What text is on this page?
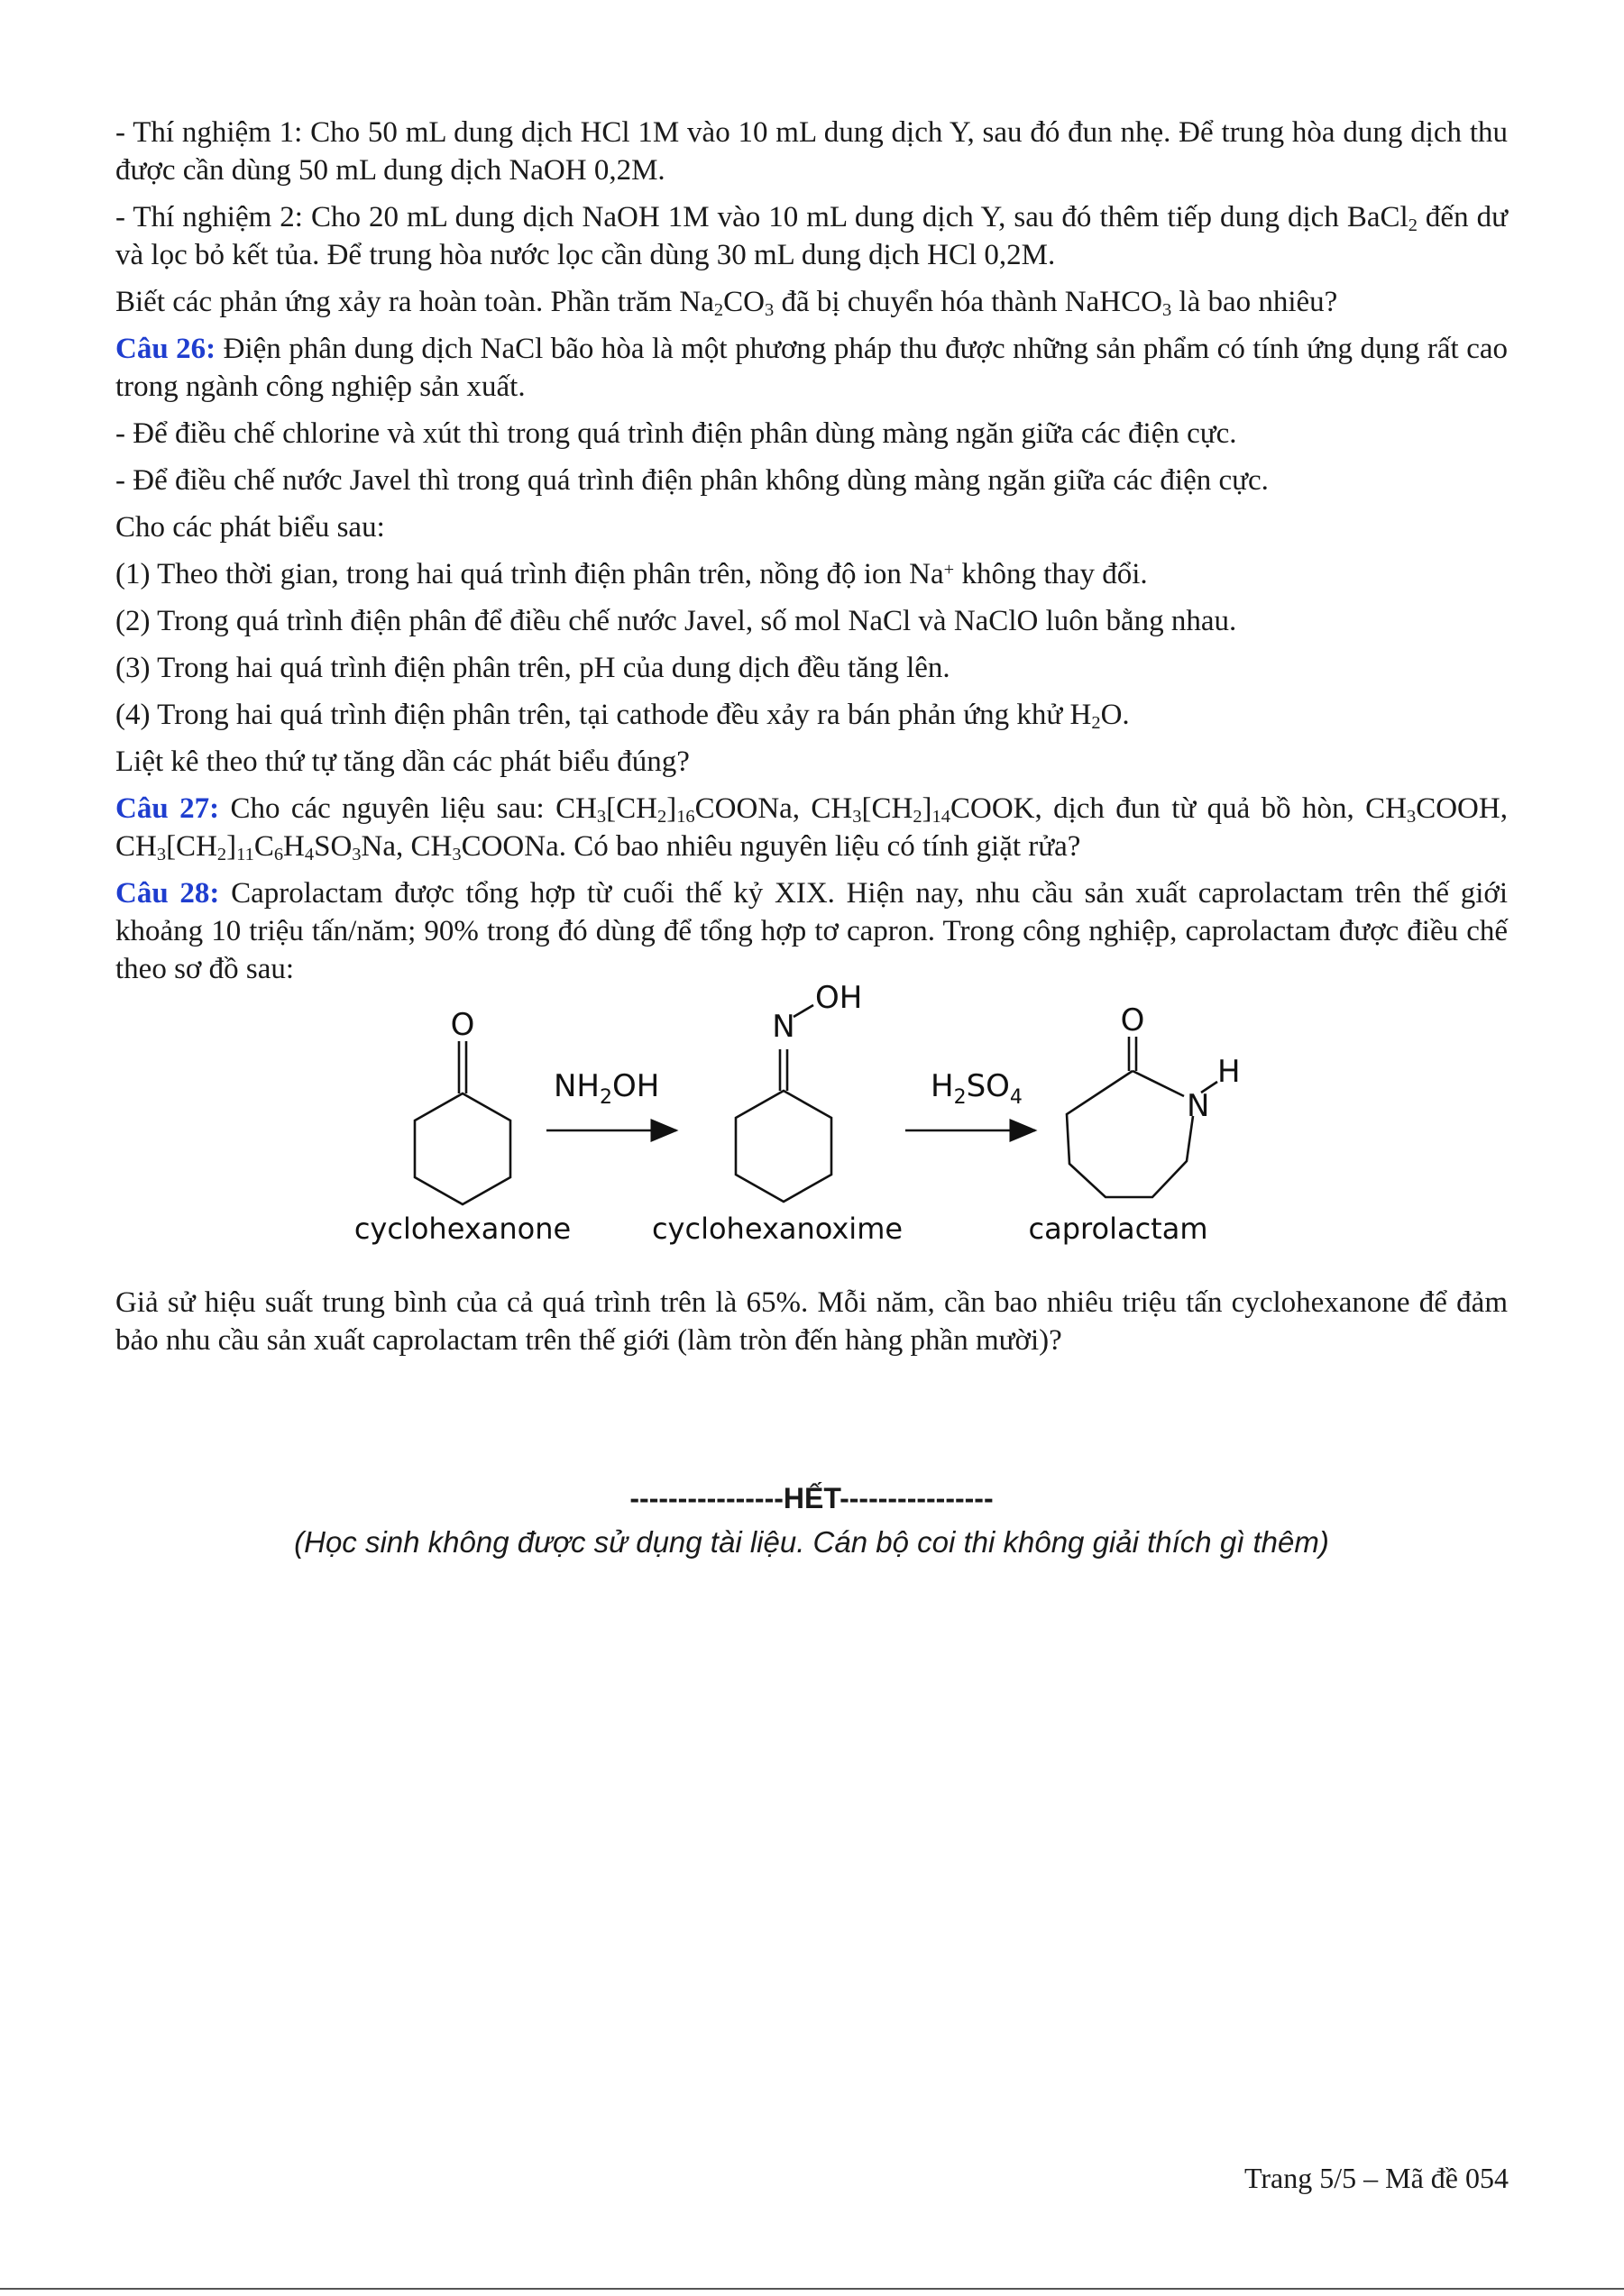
- Thí nghiệm 1: Cho 50 mL dung dịch HCl 1M vào 10 mL dung dịch Y, sau đó đun nhẹ. Để trung hòa dung dịch thu được cần dùng 50 mL dung dịch NaOH 0,2M.

- Thí nghiệm 2: Cho 20 mL dung dịch NaOH 1M vào 10 mL dung dịch Y, sau đó thêm tiếp dung dịch BaCl$_2$ đến dư và lọc bỏ kết tủa. Để trung hòa nước lọc cần dùng 30 mL dung dịch HCl 0,2M.

Biết các phản ứng xảy ra hoàn toàn. Phần trăm $Na_2CO_3$ đã bị chuyển hóa thành NaHCO$_3$ là bao nhiêu?

Câu 26: Điện phân dung dịch NaCl bão hòa là một phương pháp thu được những sản phẩm có tính ứng dụng rất cao trong ngành công nghiệp sản xuất.

- Để điều chế chlorine và xút thì trong quá trình điện phân dùng màng ngăn giữa các điện cực.

- Để điều chế nước Javel thì trong quá trình điện phân không dùng màng ngăn giữa các điện cực.

Cho các phát biểu sau:

(1) Theo thời gian, trong hai quá trình điện phân trên, nồng độ ion Na+ không thay đổi.

(2) Trong quá trình điện phân để điều chế nước Javel, số mol NaCl và NaClO luôn bằng nhau.

(3) Trong hai quá trình điện phân trên, pH của dung dịch đều tăng lên.

(4) Trong hai quá trình điện phân trên, tại cathode đều xảy ra bán phản ứng khử $H_2O$.

Liệt kê theo thứ tự tăng dần các phát biểu đúng?

Câu 27: Cho các nguyên liệu sau: $CH_3[CH_2]_{16}COONa$, $CH_3[CH_2]_{14}COOK$, dịch đun từ quả bồ hòn, $CH_3COOH$, $CH_3[CH_2]_{11}C_6H_4SO_3Na$, $CH_3COONa$. Có bao nhiêu nguyên liệu có tính giặt rửa?

Câu 28: Caprolactam được tổng hợp từ cuối thế kỷ XIX. Hiện nay, nhu cầu sản xuất caprolactam trên thế giới khoảng 10 triệu tấn/năm; 90% trong đó dùng để tổng hợp tơ capron. Trong công nghiệp, caprolactam được điều chế theo sơ đồ sau:

Giả sử hiệu suất trung bình của cả quá trình trên là 65%. Mỗi năm, cần bao nhiêu triệu tấn cyclohexanone để đảm bảo nhu cầu sản xuất caprolactam trên thế giới (làm tròn đến hàng phần mười)?

O	N
OH
O
N
H
$NH_2OH$	$H_2SO_4$
cyclohexanone	cyclohexanoxime	caprolactam
----------------HẾT----------------
(Học sinh không được sử dụng tài liệu. Cán bộ coi thi không giải thích gì thêm)
Trang 5/5 – Mã đề 054
